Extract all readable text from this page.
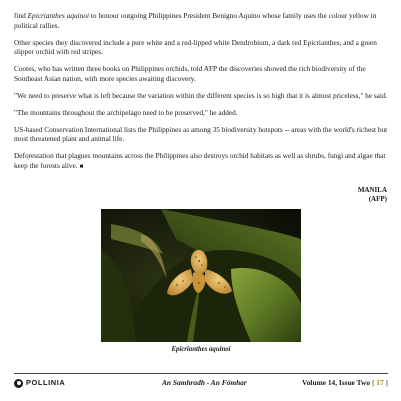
find Epicrianthes aquinoi to honour outgoing Philippines President Benigno Aquino whose family uses the colour yellow in political rallies.

Other species they discovered include a pure white and a red-lipped white Dendrobium, a dark red Epicrianthes, and a green slipper orchid with red stripes.

Cootes, who has written three books on Philippines orchids, told AFP the discoveries showed the rich biodiversity of the Southeast Asian nation, with more species awaiting discovery.

"We need to preserve what is left because the variation within the different species is so high that it is almost priceless," he said.

"The mountains throughout the archipelago need to be preserved," he added.

US-based Conservation International lists the Philippines as among 35 biodiversity hotspots -- areas with the world's richest but most threatened plant and animal life.

Deforestation that plagues mountains across the Philippines also destroys orchid habitats as well as shrubs, fungi and algae that keep the forests alive. ■

MANILA
(AFP)
Epicrianthes aquinoi
POLLINIA	An Samhradh - An Fómhar	Volume 14, Issue Two [ 17 ]
